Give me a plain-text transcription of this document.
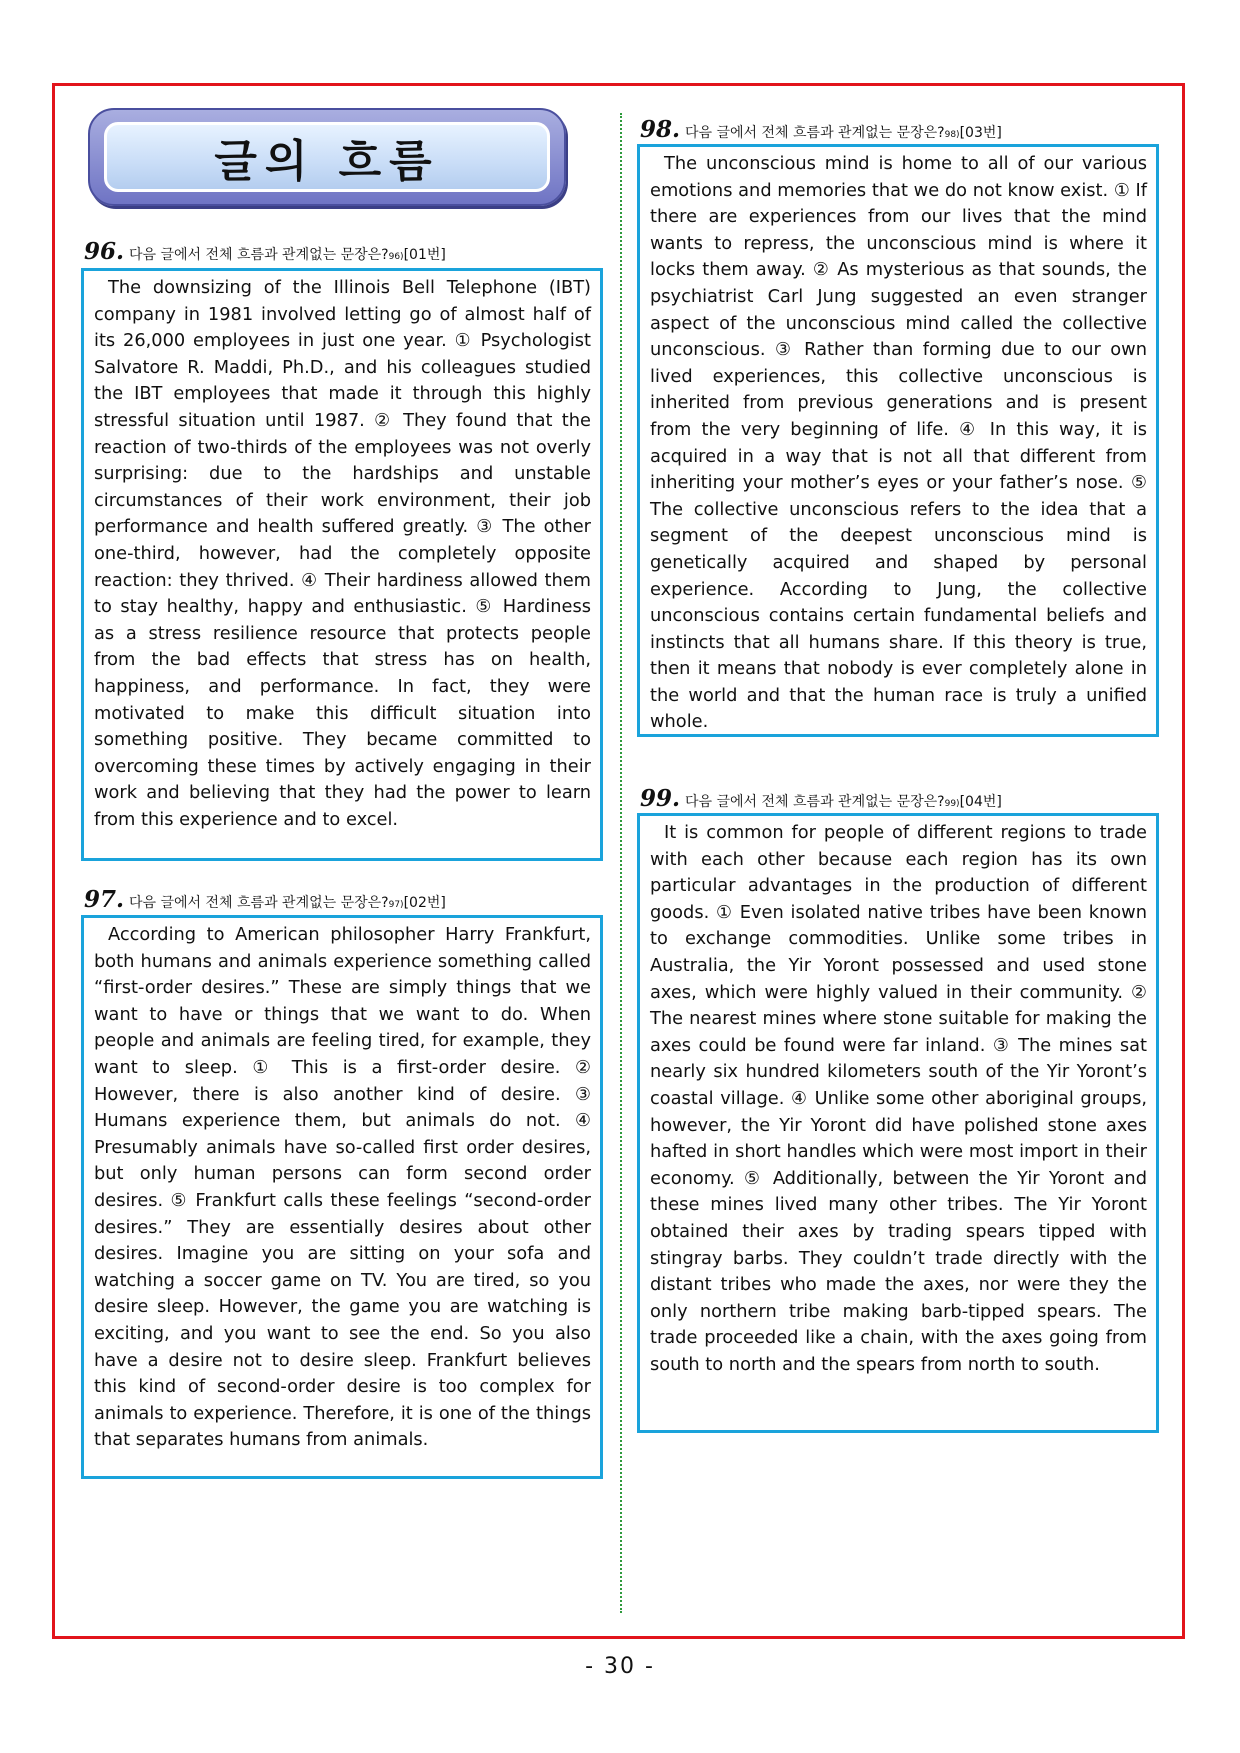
글의 흐름
96. 다음 글에서 전체 흐름과 관계없는 문장은? 96) [01번]

The downsizing of the Illinois Bell Telephone (IBT) company in 1981 involved letting go of almost half of its 26,000 employees in just one year. ① Psychologist Salvatore R. Maddi, Ph.D., and his colleagues studied the IBT employees that made it through this highly stressful situation until 1987. ② They found that the reaction of two-thirds of the employees was not overly surprising: due to the hardships and unstable circumstances of their work environment, their job performance and health suffered greatly. ③ The other one-third, however, had the completely opposite reaction: they thrived. ④ Their hardiness allowed them to stay healthy, happy and enthusiastic. ⑤ Hardiness as a stress resilience resource that protects people from the bad effects that stress has on health, happiness, and performance. In fact, they were motivated to make this difficult situation into something positive. They became committed to overcoming these times by actively engaging in their work and believing that they had the power to learn from this experience and to excel.

97. 다음 글에서 전체 흐름과 관계없는 문장은? 97) [02번]

According to American philosopher Harry Frankfurt, both humans and animals experience something called “first-order desires.” These are simply things that we want to have or things that we want to do. When people and animals are feeling tired, for example, they want to sleep. ① This is a first-order desire. ② However, there is also another kind of desire. ③ Humans experience them, but animals do not. ④ Presumably animals have so-called first order desires, but only human persons can form second order desires. ⑤ Frankfurt calls these feelings “second-order desires.” They are essentially desires about other desires. Imagine you are sitting on your sofa and watching a soccer game on TV. You are tired, so you desire sleep. However, the game you are watching is exciting, and you want to see the end. So you also have a desire not to desire sleep. Frankfurt believes this kind of second-order desire is too complex for animals to experience. Therefore, it is one of the things that separates humans from animals.

98. 다음 글에서 전체 흐름과 관계없는 문장은? 98) [03번]

The unconscious mind is home to all of our various emotions and memories that we do not know exist. ① If there are experiences from our lives that the mind wants to repress, the unconscious mind is where it locks them away. ② As mysterious as that sounds, the psychiatrist Carl Jung suggested an even stranger aspect of the unconscious mind called the collective unconscious. ③ Rather than forming due to our own lived experiences, this collective unconscious is inherited from previous generations and is present from the very beginning of life. ④ In this way, it is acquired in a way that is not all that different from inheriting your mother’s eyes or your father’s nose. ⑤ The collective unconscious refers to the idea that a segment of the deepest unconscious mind is genetically acquired and shaped by personal experience. According to Jung, the collective unconscious contains certain fundamental beliefs and instincts that all humans share. If this theory is true, then it means that nobody is ever completely alone in the world and that the human race is truly a unified whole.

99. 다음 글에서 전체 흐름과 관계없는 문장은? 99) [04번]

It is common for people of different regions to trade with each other because each region has its own particular advantages in the production of different goods. ① Even isolated native tribes have been known to exchange commodities. Unlike some tribes in Australia, the Yir Yoront possessed and used stone axes, which were highly valued in their community. ② The nearest mines where stone suitable for making the axes could be found were far inland. ③ The mines sat nearly six hundred kilometers south of the Yir Yoront’s coastal village. ④ Unlike some other aboriginal groups, however, the Yir Yoront did have polished stone axes hafted in short handles which were most import in their economy. ⑤ Additionally, between the Yir Yoront and these mines lived many other tribes. The Yir Yoront obtained their axes by trading spears tipped with stingray barbs. They couldn’t trade directly with the distant tribes who made the axes, nor were they the only northern tribe making barb-tipped spears. The trade proceeded like a chain, with the axes going from south to north and the spears from north to south.

- 30 -
